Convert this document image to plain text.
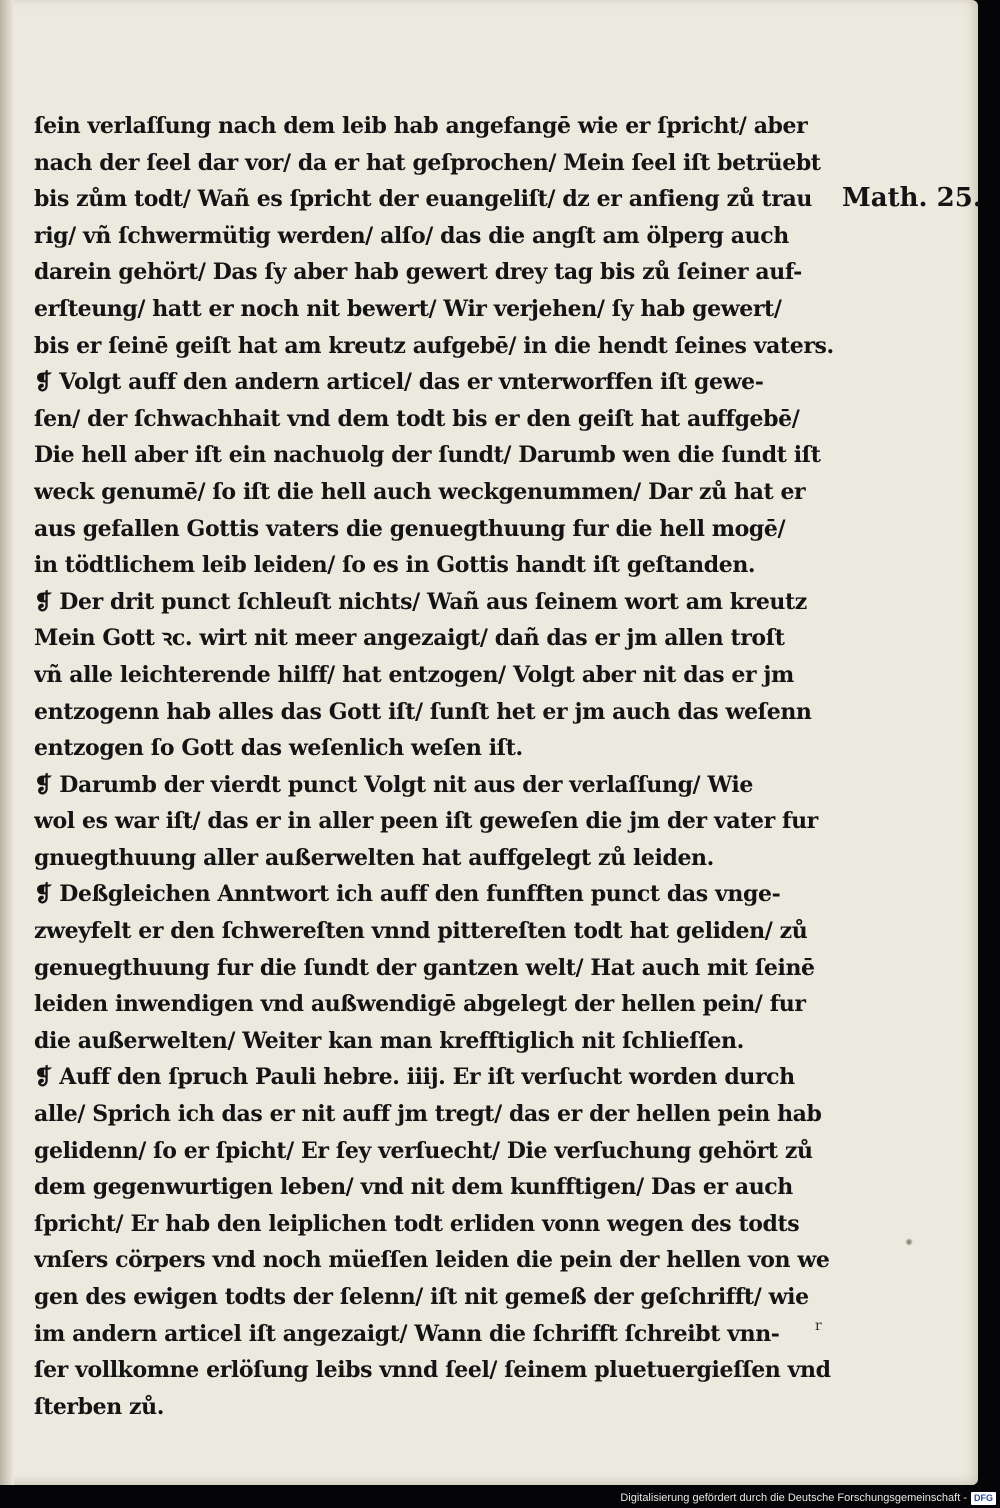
ſein verlaſſung nach dem leib hab angefangē wie er ſpricht/ aber
nach der ſeel dar vor/ da er hat geſprochen/ Mein ſeel iſt betrüebt
bis zům todt/ Wañ es ſpricht der euangeliſt/ dz er anfieng zů trau
rig/ vñ ſchwermütig werden/ alſo/ das die angſt am ölperg auch
darein gehört/ Das ſy aber hab gewert drey tag bis zů ſeiner auf-
erſteung/ hatt er noch nit bewert/ Wir verjehen/ ſy hab gewert/
bis er ſeinē geiſt hat am kreutz aufgebē/ in die hendt ſeines vaters.
❡ Volgt auff den andern articel/ das er vnterworffen iſt gewe-
ſen/ der ſchwachhait vnd dem todt bis er den geiſt hat auffgebē/
Die hell aber iſt ein nachuolg der ſundt/ Darumb wen die ſundt iſt
weck genumē/ ſo iſt die hell auch weckgenummen/ Dar zů hat er
aus gefallen Gottis vaters die genuegthuung fur die hell mogē/
in tödtlichem leib leiden/ ſo es in Gottis handt iſt geſtanden.
❡ Der drit punct ſchleuſt nichts/ Wañ aus ſeinem wort am kreutz
Mein Gott ꝛc. wirt nit meer angezaigt/ dañ das er jm allen troſt
vñ alle leichterende hilff/ hat entzogen/ Volgt aber nit das er jm
entzogenn hab alles das Gott iſt/ ſunſt het er jm auch das weſenn
entzogen ſo Gott das weſenlich weſen iſt.
❡ Darumb der vierdt punct Volgt nit aus der verlaſſung/ Wie
wol es war iſt/ das er in aller peen iſt geweſen die jm der vater fur
gnuegthuung aller außerwelten hat auffgelegt zů leiden.
❡ Deßgleichen Anntwort ich auff den funfften punct das vnge-
zweyfelt er den ſchwereſten vnnd pittereſten todt hat geliden/ zů
genuegthuung fur die ſundt der gantzen welt/ Hat auch mit ſeinē
leiden inwendigen vnd außwendigē abgelegt der hellen pein/ fur
die außerwelten/ Weiter kan man krefftiglich nit ſchlieſſen.
❡ Auff den ſpruch Pauli hebre. iiij. Er iſt verſucht worden durch
alle/ Sprich ich das er nit auff jm tregt/ das er der hellen pein hab
gelidenn/ ſo er ſpicht/ Er ſey verſuecht/ Die verſuchung gehört zů
dem gegenwurtigen leben/ vnd nit dem kunfftigen/ Das er auch
ſpricht/ Er hab den leiplichen todt erliden vonn wegen des todts
vnſers cörpers vnd noch müeſſen leiden die pein der hellen von we
gen des ewigen todts der ſelenn/ iſt nit gemeß der geſchrifft/ wie
im andern articel iſt angezaigt/ Wann die ſchrifft ſchreibt vnn-
ſer vollkomne erlöſung leibs vnnd ſeel/ ſeinem pluetuergieſſen vnd
ſterben zů.
Math. 25.
r
Digitalisierung gefördert durch die Deutsche Forschungsgemeinschaft - DFG
